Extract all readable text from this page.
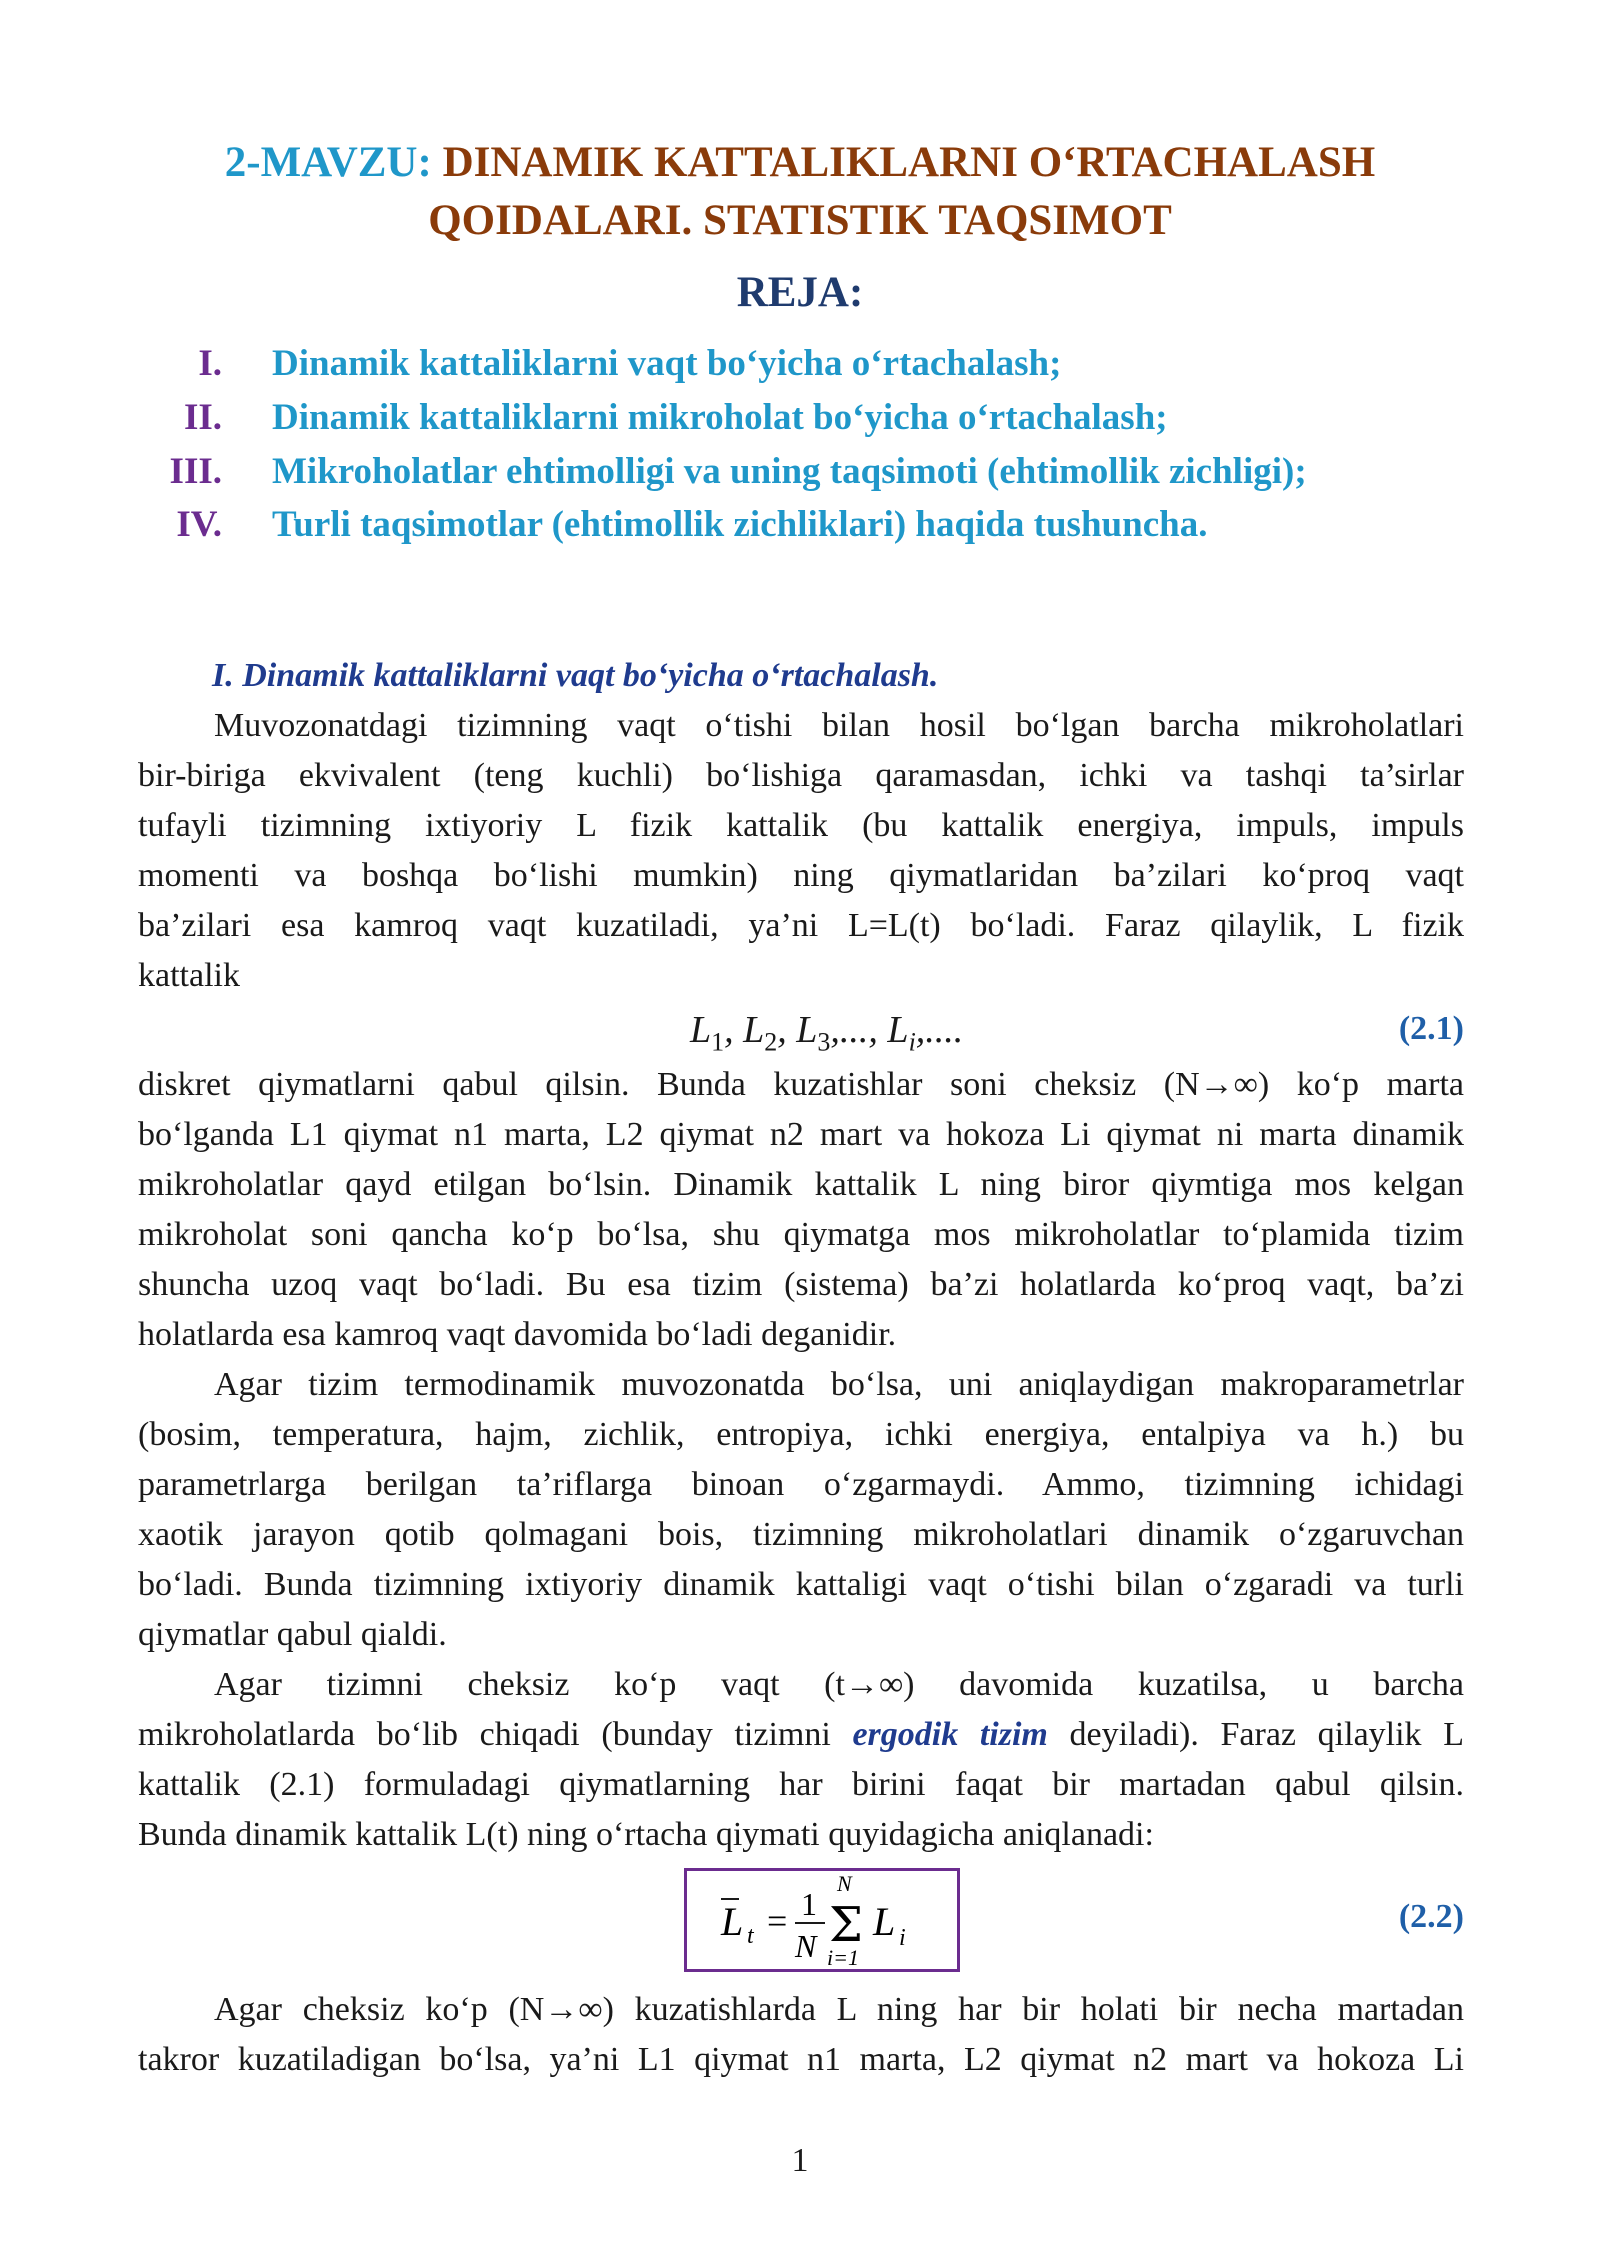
2-MAVZU: DINAMIK KATTALIKLARNI O‘RTACHALASH
QOIDALARI. STATISTIK TAQSIMOT
REJA:
I. Dinamik kattaliklarni vaqt bo‘yicha o‘rtachalash;
II. Dinamik kattaliklarni mikroholat bo‘yicha o‘rtachalash;
III. Mikroholatlar ehtimolligi va uning taqsimoti (ehtimollik zichligi);
IV. Turli taqsimotlar (ehtimollik zichliklari) haqida tushuncha.
I. Dinamik kattaliklarni vaqt bo‘yicha o‘rtachalash.
Muvozonatdagi tizimning vaqt o‘tishi bilan hosil bo‘lgan barcha mikroholatlari
bir-biriga ekvivalent (teng kuchli) bo‘lishiga qaramasdan, ichki va tashqi ta’sirlar
tufayli tizimning ixtiyoriy L fizik kattalik (bu kattalik energiya, impuls, impuls
momenti va boshqa bo‘lishi mumkin) ning qiymatlaridan ba’zilari ko‘proq vaqt
ba’zilari esa kamroq vaqt kuzatiladi, ya’ni L=L(t) bo‘ladi. Faraz qilaylik, L fizik
kattalik
$L_1$, $L_2$, $L_3$,..., $L_i$,....	(2.1)
diskret qiymatlarni qabul qilsin. Bunda kuzatishlar soni cheksiz (N→∞) ko‘p marta
bo‘lganda L1 qiymat n1 marta, L2 qiymat n2 mart va hokoza Li qiymat ni marta dinamik
mikroholatlar qayd etilgan bo‘lsin. Dinamik kattalik L ning biror qiymtiga mos kelgan
mikroholat soni qancha ko‘p bo‘lsa, shu qiymatga mos mikroholatlar to‘plamida tizim
shuncha uzoq vaqt bo‘ladi. Bu esa tizim (sistema) ba’zi holatlarda ko‘proq vaqt, ba’zi
holatlarda esa kamroq vaqt davomida bo‘ladi deganidir.
Agar tizim termodinamik muvozonatda bo‘lsa, uni aniqlaydigan makroparametrlar
(bosim, temperatura, hajm, zichlik, entropiya, ichki energiya, entalpiya va h.) bu
parametrlarga berilgan ta’riflarga binoan o‘zgarmaydi. Ammo, tizimning ichidagi
xaotik jarayon qotib qolmagani bois, tizimning mikroholatlari dinamik o‘zgaruvchan
bo‘ladi. Bunda tizimning ixtiyoriy dinamik kattaligi vaqt o‘tishi bilan o‘zgaradi va turli
qiymatlar qabul qialdi.
Agar tizimni cheksiz ko‘p vaqt (t→∞) davomida kuzatilsa, u barcha
mikroholatlarda bo‘lib chiqadi (bunday tizimni ergodik tizim deyiladi). Faraz qilaylik L
kattalik (2.1) formuladagi qiymatlarning har birini faqat bir martadan qabul qilsin.
Bunda dinamik kattalik L(t) ning o‘rtacha qiymati quyidagicha aniqlanadi:
L t = 1
N
N
Σ
i=1
L i
(2.2)
Agar cheksiz ko‘p (N→∞) kuzatishlarda L ning har bir holati bir necha martadan
takror kuzatiladigan bo‘lsa, ya’ni L1 qiymat n1 marta, L2 qiymat n2 mart va hokoza Li
1
